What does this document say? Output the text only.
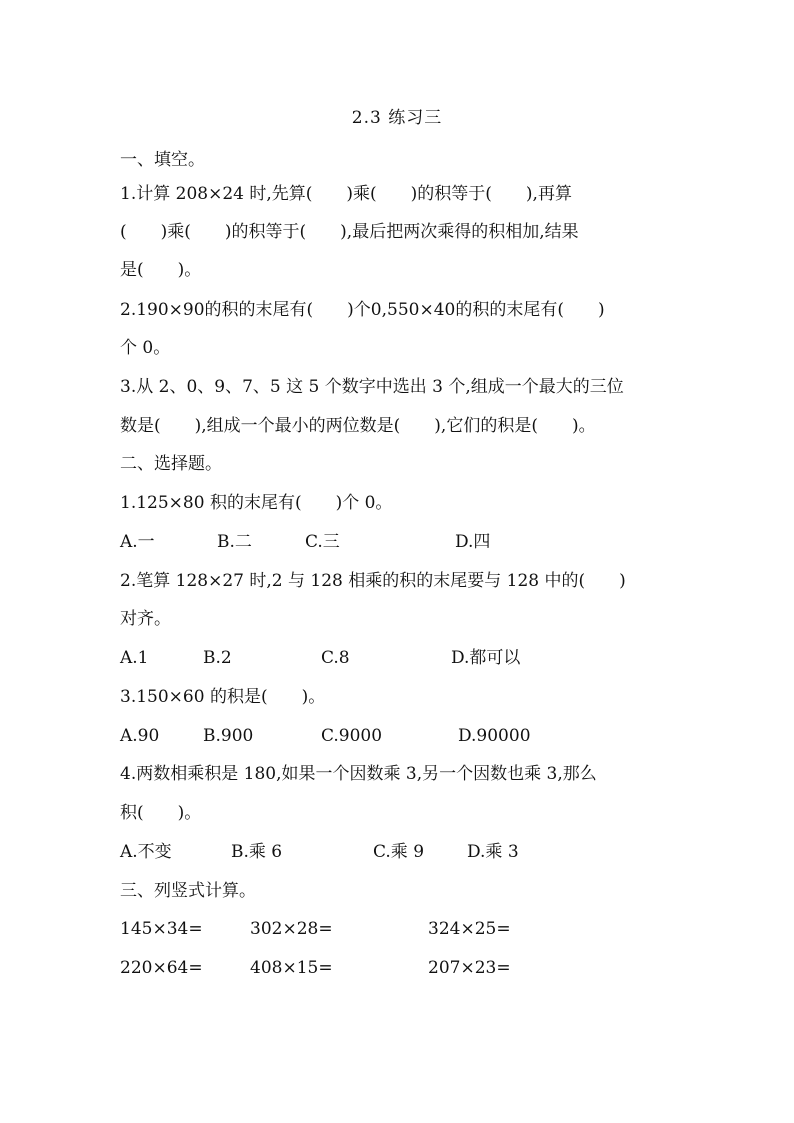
2.3 练习三
一、填空。
1.计算 208×24 时,先算(　　)乘(　　)的积等于(　　),再算
(　　)乘(　　)的积等于(　　),最后把两次乘得的积相加,结果
是(　　)。
2.190×90的积的末尾有(　　)个0,550×40的积的末尾有(　　)
个 0。
3.从 2、0、9、7、5 这 5 个数字中选出 3 个,组成一个最大的三位
数是(　　),组成一个最小的两位数是(　　),它们的积是(　　)。
二、选择题。
1.125×80 积的末尾有(　　)个 0。
A.一	B.二	C.三	D.四
2.笔算 128×27 时,2 与 128 相乘的积的末尾要与 128 中的(　　)
对齐。
A.1	B.2	C.8	D.都可以
3.150×60 的积是(　　)。
A.90	B.900	C.9000	D.90000
4.两数相乘积是 180,如果一个因数乘 3,另一个因数也乘 3,那么
积(　　)。
A.不变	B.乘 6	C.乘 9	D.乘 3
三、列竖式计算。
145×34=	302×28=	324×25=
220×64=	408×15=	207×23=
